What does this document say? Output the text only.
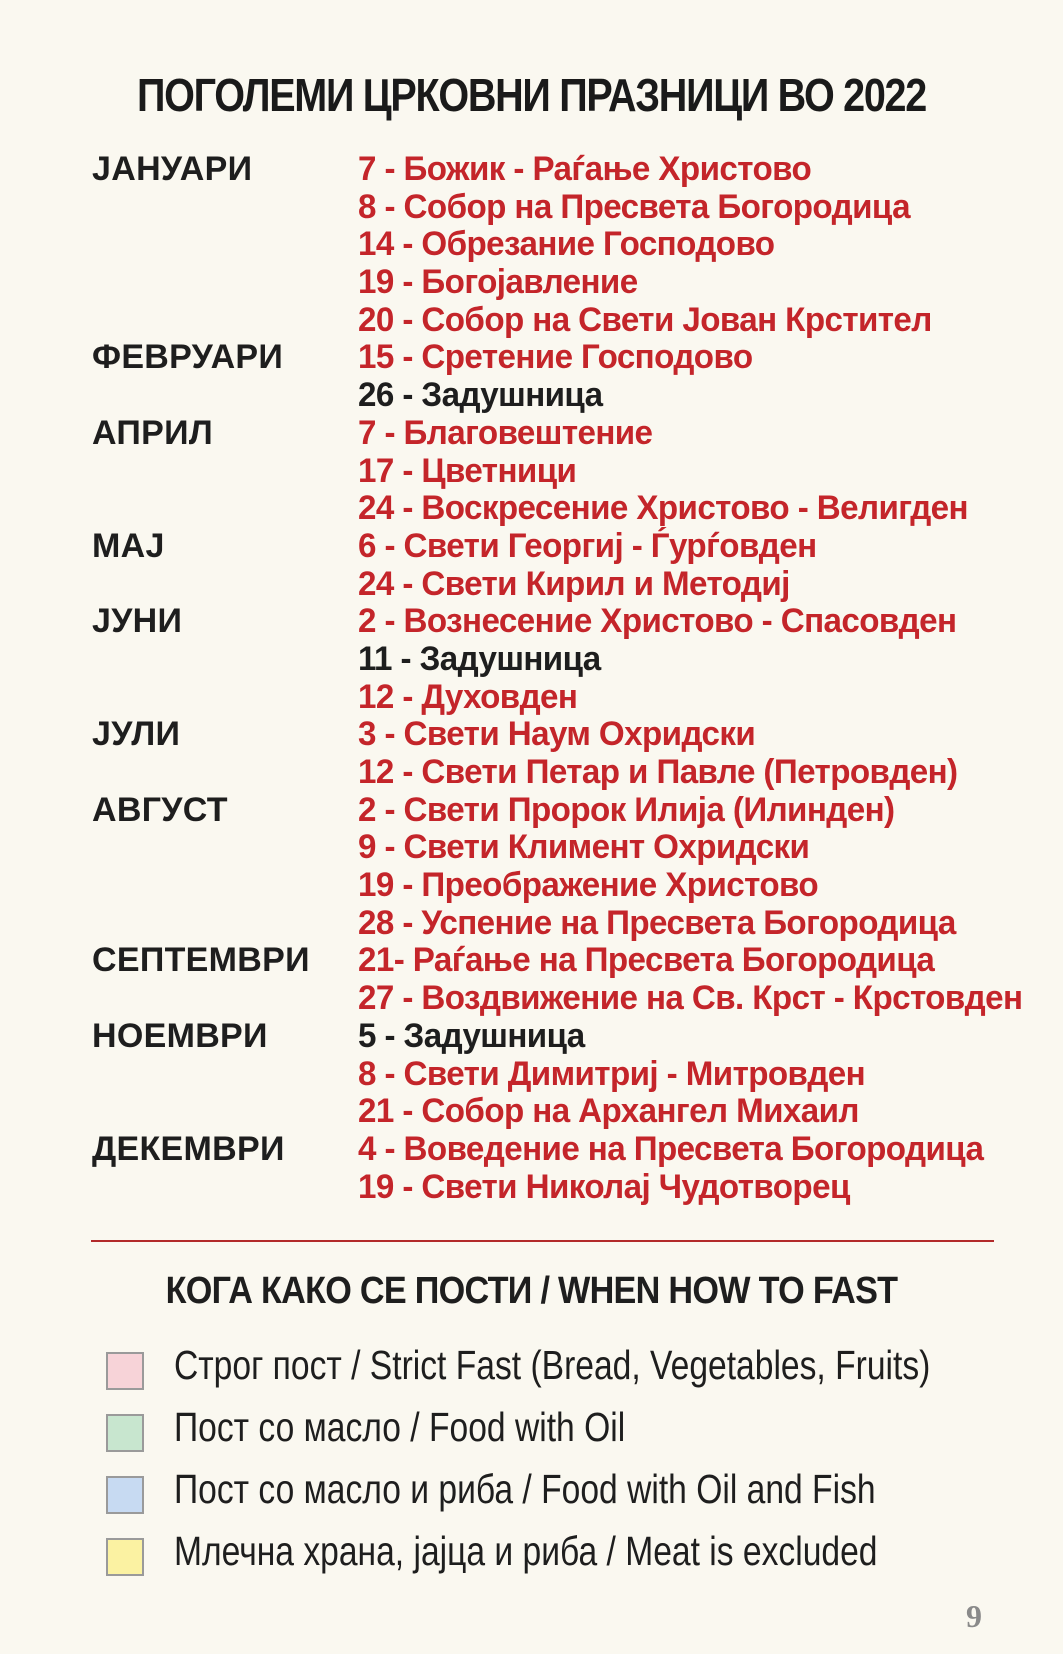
ПОГОЛЕМИ ЦРКОВНИ ПРАЗНИЦИ ВО 2022
ЈАНУАРИ	7 - Божик - Раѓање Христово
8 - Собор на Пресвета Богородица
14 - Обрезание Господово
19 - Богојавление
20 - Собор на Свети Јован Крстител
ФЕВРУАРИ 15 - Сретение Господово
26 - Задушница
АПРИЛ	7 - Благовештение
17 - Цветници
24 - Воскресение Христово - Велигден
МАЈ	6 - Свети Георгиј - Ѓурѓовден
24 - Свети Кирил и Методиј
ЈУНИ	2 - Вознесение Христово - Спасовден
11 - Задушница
12 - Духовден
ЈУЛИ	3 - Свети Наум Охридски
12 - Свети Петар и Павле (Петровден)
АВГУСТ	2 - Свети Пророк Илија (Илинден)
9 - Свети Климент Охридски
19 - Преображение Христово
28 - Успение на Пресвета Богородица
СЕПТЕМВРИ 21- Раѓање на Пресвета Богородица
27 - Воздвижение на Св. Крст - Крстовден
НОЕМВРИ	5 - Задушница
8 - Свети Димитриј - Митровден
21 - Собор на Архангел Михаил
ДЕКЕМВРИ 4 - Воведение на Пресвета Богородица
19 - Свети Николај Чудотворец
КОГА КАКО СЕ ПОСТИ / WHEN HOW TO FAST
Строг пост / Strict Fast (Bread, Vegetables, Fruits)
Пост со масло / Food with Oil
Пост со масло и риба / Food with Oil and Fish
Млечна храна, јајца и риба / Meat is excluded
9
